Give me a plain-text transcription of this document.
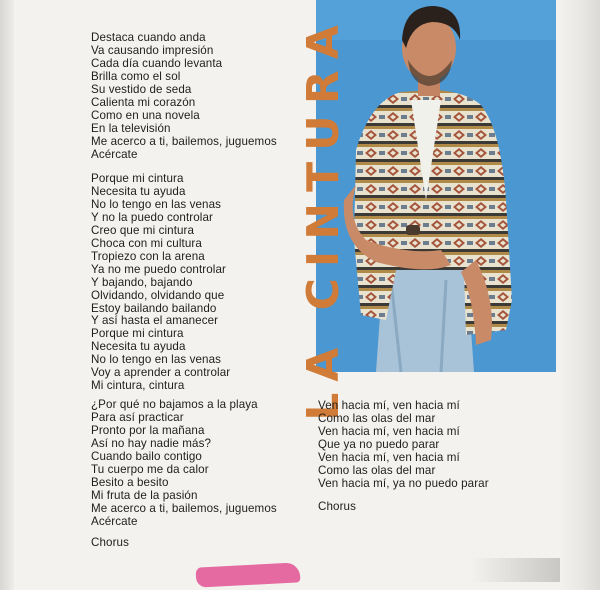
Destaca cuando anda
Va causando impresión
Cada día cuando levanta
Brilla como el sol
Su vestido de seda
Calienta mi corazón
Como en una novela
En la televisión
Me acerco a ti, bailemos, juguemos
Acércate
Porque mi cintura
Necesita tu ayuda
No lo tengo en las venas
Y no la puedo controlar
Creo que mi cintura
Choca con mi cultura
Tropiezo con la arena
Ya no me puedo controlar
Y bajando, bajando
Olvidando, olvidando que
Estoy bailando bailando
Y así hasta el amanecer
Porque mi cintura
Necesita tu ayuda
No lo tengo en las venas
Voy a aprender a controlar
Mi cintura, cintura
¿Por qué no bajamos a la playa
Para así practicar
Pronto por la mañana
Así no hay nadie más?
Cuando bailo contigo
Tu cuerpo me da calor
Besito a besito
Mi fruta de la pasión
Me acerco a ti, bailemos, juguemos
Acércate
Chorus
LA CINTURA
Ven hacia mí, ven hacia mí
Como las olas del mar
Ven hacia mí, ven hacia mí
Que ya no puedo parar
Ven hacia mí, ven hacia mí
Como las olas del mar
Ven hacia mí, ya no puedo parar
Chorus
